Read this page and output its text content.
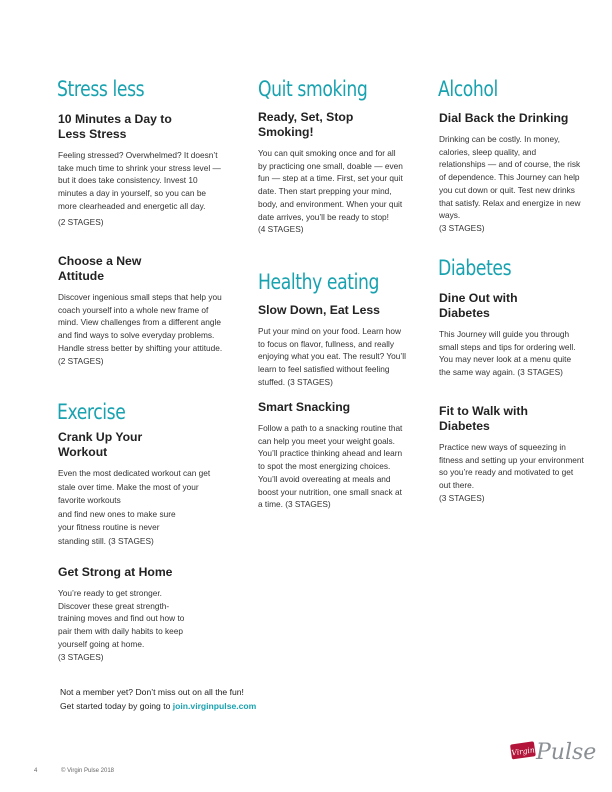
Stress less

10 Minutes a Day to
Less Stress

Feeling stressed? Overwhelmed? It doesn’t take much time to shrink your stress level — but it does take consistency. Invest 10 minutes a day in yourself, so you can be more clearheaded and energetic all day.

(2 STAGES)

Choose a New
Attitude

Discover ingenious small steps that help you coach yourself into a whole new frame of mind. View challenges from a different angle and find ways to solve everyday problems. Handle stress better by shifting your attitude.

(2 STAGES)

Exercise

Crank Up Your
Workout

Even the most dedicated workout can get stale over time. Make the most of your favorite workouts
and find new ones to make sure
your fitness routine is never
standing still. (3 STAGES)

Get Strong at Home

You’re ready to get stronger.
Discover these great strength-
training moves and find out how to
pair them with daily habits to keep
yourself going at home.

(3 STAGES)

Quit smoking

Ready, Set, Stop
Smoking!

You can quit smoking once and for all by practicing one small, doable — even fun — step at a time. First, set your quit date. Then start prepping your mind, body, and environment. When your quit date arrives, you’ll be ready to stop!

(4 STAGES)

Healthy eating

Slow Down, Eat Less

Put your mind on your food. Learn how to focus on flavor, fullness, and really enjoying what you eat. The result? You’ll learn to feel satisfied without feeling stuffed. (3 STAGES)

Smart Snacking

Follow a path to a snacking routine that can help you meet your weight goals. You’ll practice thinking ahead and learn to spot the most energizing choices.
You’ll avoid overeating at meals and boost your nutrition, one small snack at a time. (3 STAGES)

Alcohol

Dial Back the Drinking

Drinking can be costly. In money, calories, sleep quality, and relationships — and of course, the risk of dependence. This Journey can help you cut down or quit. Test new drinks that satisfy. Relax and energize in new ways.

(3 STAGES)

Diabetes

Dine Out with
Diabetes

This Journey will guide you through small steps and tips for ordering well. You may never look at a menu quite the same way again. (3 STAGES)

Fit to Walk with
Diabetes

Practice new ways of squeezing in fitness and setting up your environment so you’re ready and motivated to get out there.

(3 STAGES)

Not a member yet? Don’t miss out on all the fun!
Get started today by going to join.virginpulse.com
4	© Virgin Pulse 2018
Virgin Pulse
